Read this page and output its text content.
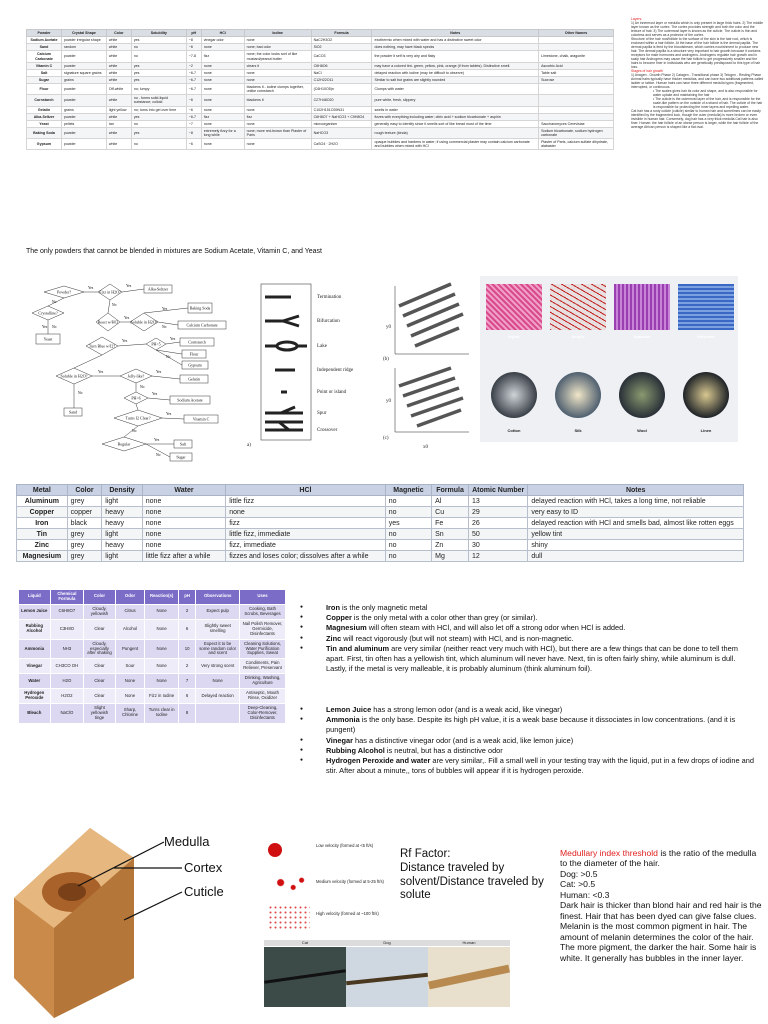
Powder	Crystal Shape	Color	Solubility	pH	HCl	Iodine	Formula	Notes	Other Names
Sodium Acetate	powder irregular shape	white	yes	~8	vinegar odor	none	NaC2H3O2	exothermic when mixed with water and has a distinctive sweet odor	
Sand	random	white	no	~6	none	none; bad odor	SiO2	does nothing, may have black specks	
Calcium Carbonate	powder	white	no	~7-8	fizz	none; the color looks sort of like mustard/peanut butter	CaCO3	the powder it self is very airy and flaky	Limestone, chalk, aragonite
Vitamin C	powder	white	yes	~2	none	clears it	C6H8O6	may have a colored tint- green, yellow, pink, orange (if from tablets). Distinctive smell.	Ascorbic Acid
Salt	signature square grains	white	yes	~6-7	none	none	NaCl	delayed reaction with iodine (may be difficult to observe)	Table salt
Sugar	grains	white	yes	~6-7	none	none	C12H22O11	Similar to salt but grains are slightly rounded	Sucrose
Flour	powder	Off-white	no; lumpy	~6-7	none	blackens it - iodine clumps together, unlike cornstarch	(C6H10O5)n	Clumps with water	
Cornstarch	powder	white	no - forms solid-liquid substance; colloid	~6	none	blackens it	C27H48O20	pure white, fresh, slippery	
Gelatin	grains	light yellow	no; turns into gel over time	~6	none	none	C102H151O39N31	swells in water	
Alka-Seltzer	powder	white	yes	~6-7	fizz	fizz	C6H8O7 + NaHCO3 + C9H8O4	fizzes with everything including water; citric acid + sodium bicarbonate + aspirin	
Yeast	pellets	tan	no	~7	none	none	microorganism	generally easy to identify since it smells sort of like bread most of the time	Saccharomyces Cerevisiae
Baking Soda	powder	white	yes	~8	extremely fizzy for a long while	none; more red-brown than Plaster of Paris	NaHCO3	rough texture (kinda)	Sodium bicarbonate, sodium hydrogen carbonate
Gypsum	powder	white	no	~6	none	none	CaSO4 · 2H2O	opaque bubbles and hardens in water; if using commercial plaster may contain calcium carbonate and bubbles when mixed with HCl	Plaster of Paris, calcium sulfate dihydrate, alabaster
Layers:
1) An innermost layer or medulla which is only present in large thick hairs. 2) The middle layer known as the cortex. The cortex provides strength and both the color and the texture of hair. 3) The outermost layer is known as the cuticle. The cuticle is thin and colorless and serves as a protector of the cortex.
Structure of the hair root/follicle to the surface of the skin is the hair root, which is enclosed within a hair follicle. At the base of the hair follicle is the dermal papilla. The dermal papilla is feed by the bloodstream, which carries nourishment to produce new hair. The dermal papilla is a structure very important to hair growth because it contains receptors for male hormones and androgens. Androgens regulate hair growth and in scalp hair Androgens may cause the hair follicle to get progressively smaller and the hairs to become finer in individuals who are genetically predisposed to this type of hair loss.
Stages of hair growth
1) Anagen - Growth Phase 2) Catagen - Transitional phase 3) Telogen - Resting Phase
Animal hairs typically have thicker medullas, and can have two additional patterns called ladder or lattice. Human hairs can have three different medulla types (fragmented, interrupted, or continuous.
• The scales gives hair its color and shape, and is also responsible for water uptake and maintaining the hair
• The cuticle is the outermost layer of the hair, and is responsible for the scale-like pattern on the outside of a strand of hair. The cuticle of the hair is responsible for protecting the inner layers and repelling water.
Cat hair has a rusty cuticle (cuticle) similar to human hair and sometimes can be easily identified by the fragmented look, though the cuter (medulla) is more broken or even invisible in human hair. Conversely, dog hair has a very thick medulla.Cat hair is also finer. Human: the hair follicle of an obese person is larger, while the hair follicle of the average African person is shaped like a flat oval.
The only powders that cannot be blended in mixtures are Sodium Acetate, Vitamin C, and Yeast
Powder?	Fizz in H2O?
Alka-Seltzer
Crystalline?
React w/HCl	Soluble in H2O?
Baking Soda
Calcium Carbonate
Yeast
Turn Blue w/I2?	PH<5	Cornstarch
Flour
Gypsum
Soluble in H2O?	Jelly-like?
Gelatin
PH>6	Sodium Acetate
Sand
Turns I2 Clear?	Vitamin C
Regular	Salt
Sugar
Yes	Yes
No
No
Yes
Yes
No
Yes No
Yes	Yes
No
Yes	Yes
No
Yes
No
Yes
No
Yes
No
Termination
Bifurcation
Lake
Independent ridge
Point or island
Spur
Crossover
a)
(b)
(c)
y0
y0
x0
Nylon	Acrylic	Spandex	Polyester
Cotton	Silk	Wool	Linen
Metal	Color	Density	Water	HCl	Magnetic	Formula	Atomic Number	Notes
Aluminum	grey	light	none	little fizz	no	Al	13	delayed reaction with HCl, takes a long time, not reliable
Copper	copper	heavy	none	none	no	Cu	29	very easy to ID
Iron	black	heavy	none	fizz	yes	Fe	26	delayed reaction with HCl and smells bad, almost like rotten eggs
Tin	grey	light	none	little fizz, immediate	no	Sn	50	yellow tint
Zinc	grey	heavy	none	fizz, immediate	no	Zn	30	shiny
Magnesium	grey	light	little fizz after a while	fizzes and loses color; dissolves after a while	no	Mg	12	dull
Liquid	Chemical Formula	Color	Odor	Reaction(s)	pH	Observations	Uses
Lemon Juice	C6H8O7	Cloudy, yellowish	Citrus	None	2	Expect pulp	Cooking, Bath Scrubs, Beverages
Rubbing Alcohol	C3H8O	Clear	Alcohol	None	6	Slightly sweet smelling	Nail Polish Remover, Germicide, Disinfectants
Ammonia	NH3	Cloudy, especially after shaking	Pungent	None	10	Expect it to be some random color and scent	Cleaning Solutions, Water Purification Supplies, Sweat
Vinegar	CH3CO OH	Clear	Sour	None	2	Very strong scent	Condiments, Pain Reliever, Preservant
Water	H2O	Clear	None	None	7	None	Drinking, Washing, Agriculture
Hydrogen Peroxide	H2O2	Clear	None	Fizz in Iodine	6	Delayed reaction	Antiseptic, Mouth Rinse, Oxidizer
Bleach	NaClO	Slight yellowish tinge	Sharp, Chlorine	Turns clear in Iodine	8		Deep-Cleaning, Color-Remover, Disinfectants
●	Iron is the only magnetic metal
●	Copper is the only metal with a color other than grey (or similar).
●	Magnesium will often steam with HCl, and will also let off a strong odor when HCl is added.
●	Zinc will react vigorously (but will not steam) with HCl, and is non-magnetic.
●	Tin and aluminum are very similar (neither react very much with HCl), but there are a few things that can be done to tell them apart. First, tin often has a yellowish tint, which aluminum will never have. Next, tin is often fairly shiny, while aluminum is dull. Lastly, if the metal is very malleable, it is probably aluminum (think aluminum foil).
●	Lemon Juice has a strong lemon odor (and is a weak acid, like vinegar)
●	Ammonia is the only base. Despite its high pH value, it is a weak base because it dissociates in low concentrations. (and it is pungent)
●	Vinegar has a distinctive vinegar odor (and is a weak acid, like lemon juice)
●	Rubbing Alcohol is neutral, but has a distinctive odor
●	Hydrogen Peroxide and water are very similar,. Fill a small well in your testing tray with the liquid, put in a few drops of iodine and stir. After about a minute,, tons of bubbles will appear if it is hydrogen peroxide.
Medulla
Cortex
Cuticle
Low velocity (formed at <5 ft/s)
Medium velocity (formed at 5-25 ft/s)
High velocity (formed at ~100 ft/s)
Cat	Dog	Human
Rf Factor:
Distance traveled by solvent/Distance traveled by solute
Medullary index threshold is the ratio of the medulla to the diameter of the hair.
Dog: >0.5
Cat: >0.5
Human: <0.3
Dark hair is thicker than blond hair and red hair is the finest. Hair that has been dyed can give false clues. Melanin is the most common pigment in hair. The amount of melanin determines the color of the hair. The more pigment, the darker the hair. Some hair is white. It generally has bubbles in the inner layer.
